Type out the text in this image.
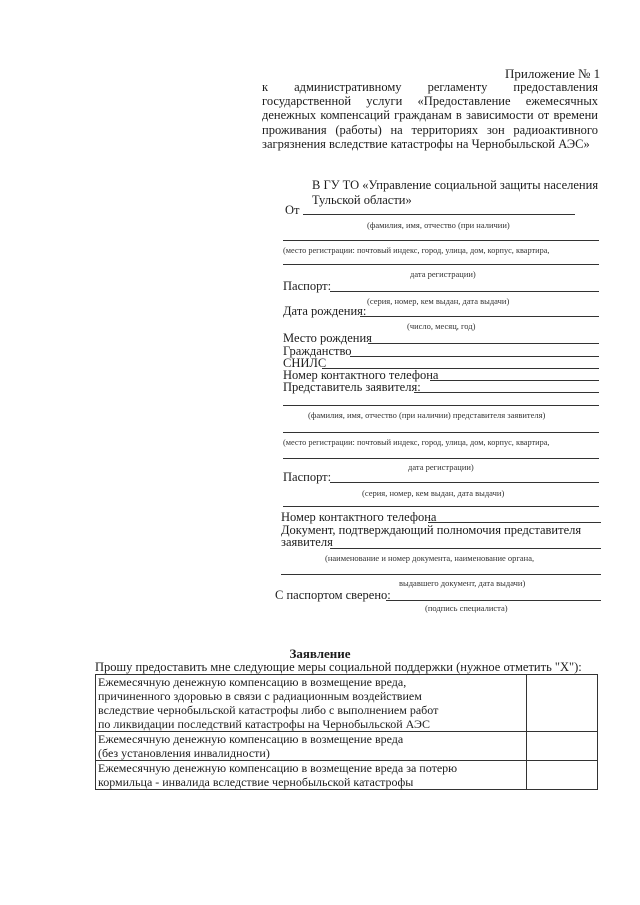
Приложение № 1
к административному регламенту предоставления государственной услуги «Предоставление ежемесячных денежных компенсаций гражданам в зависимости от времени проживания (работы) на территориях зон радиоактивного загрязнения вследствие катастрофы на Чернобыльской АЭС»
В ГУ ТО «Управление социальной защиты населения Тульской области»
От
(фамилия, имя, отчество (при наличии)
(место регистрации: почтовый индекс, город, улица, дом, корпус, квартира,
дата регистрации)
Паспорт:
(серия, номер, кем выдан, дата выдачи)
Дата рождения:
(число, месяц, год)
Место рождения
Гражданство
СНИЛС
Номер контактного телефона
Представитель заявителя:
(фамилия, имя, отчество (при наличии) представителя заявителя)
(место регистрации: почтовый индекс, город, улица, дом, корпус, квартира,
дата регистрации)
Паспорт:
(серия, номер, кем выдан, дата выдачи)
Номер контактного телефона
Документ, подтверждающий полномочия представителя
заявителя
(наименование и номер документа, наименование органа,
выдавшего документ, дата выдачи)
С паспортом сверено:
(подпись специалиста)
Заявление
Прошу предоставить мне следующие меры социальной поддержки (нужное отметить "X"):
Ежемесячную денежную компенсацию в возмещение вреда,
причиненного здоровью в связи с радиационным воздействием
вследствие чернобыльской катастрофы либо с выполнением работ
по ликвидации последствий катастрофы на Чернобыльской АЭС	

Ежемесячную денежную компенсацию в возмещение вреда
(без установления инвалидности)	

Ежемесячную денежную компенсацию в возмещение вреда за потерю
кормильца - инвалида вследствие чернобыльской катастрофы	
